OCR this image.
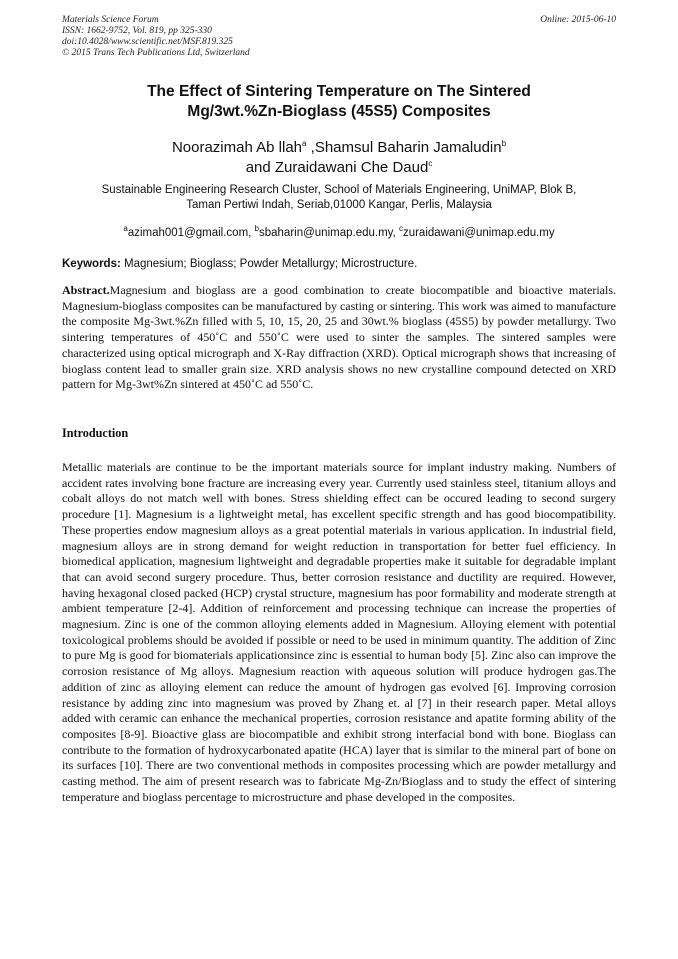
Materials Science Forum
ISSN: 1662-9752, Vol. 819, pp 325-330
doi:10.4028/www.scientific.net/MSF.819.325
© 2015 Trans Tech Publications Ltd, Switzerland
Online: 2015-06-10
The Effect of Sintering Temperature on The Sintered
Mg/3wt.%Zn-Bioglass (45S5) Composites
Noorazimah Ab llah$^a$ ,Shamsul Baharin Jamaludin$^b$
and Zuraidawani Che Daud$^c$
Sustainable Engineering Research Cluster, School of Materials Engineering, UniMAP, Blok B,
Taman Pertiwi Indah, Seriab,01000 Kangar, Perlis, Malaysia
$^a$azimah001@gmail.com, $^b$sbaharin@unimap.edu.my, $^c$zuraidawani@unimap.edu.my
Keywords: Magnesium; Bioglass; Powder Metallurgy; Microstructure.

Abstract.Magnesium and bioglass are a good combination to create biocompatible and bioactive materials. Magnesium-bioglass composites can be manufactured by casting or sintering. This work was aimed to manufacture the composite Mg-3wt.%Zn filled with 5, 10, 15, 20, 25 and 30wt.% bioglass (45S5) by powder metallurgy. Two sintering temperatures of 450˚C and 550˚C were used to sinter the samples. The sintered samples were characterized using optical micrograph and X-Ray diffraction (XRD). Optical micrograph shows that increasing of bioglass content lead to smaller grain size. XRD analysis shows no new crystalline compound detected on XRD pattern for Mg-3wt%Zn sintered at 450˚C ad 550˚C.

Introduction

Metallic materials are continue to be the important materials source for implant industry making. Numbers of accident rates involving bone fracture are increasing every year. Currently used stainless steel, titanium alloys and cobalt alloys do not match well with bones. Stress shielding effect can be occured leading to second surgery procedure [1]. Magnesium is a lightweight metal, has excellent specific strength and has good biocompatibility. These properties endow magnesium alloys as a great potential materials in various application. In industrial field, magnesium alloys are in strong demand for weight reduction in transportation for better fuel efficiency. In biomedical application, magnesium lightweight and degradable properties make it suitable for degradable implant that can avoid second surgery procedure. Thus, better corrosion resistance and ductility are required. However, having hexagonal closed packed (HCP) crystal structure, magnesium has poor formability and moderate strength at ambient temperature [2-4]. Addition of reinforcement and processing technique can increase the properties of magnesium. Zinc is one of the common alloying elements added in Magnesium. Alloying element with potential toxicological problems should be avoided if possible or need to be used in minimum quantity. The addition of Zinc to pure Mg is good for biomaterials applicationsince zinc is essential to human body [5]. Zinc also can improve the corrosion resistance of Mg alloys. Magnesium reaction with aqueous solution will produce hydrogen gas.The addition of zinc as alloying element can reduce the amount of hydrogen gas evolved [6]. Improving corrosion resistance by adding zinc into magnesium was proved by Zhang et. al [7] in their research paper. Metal alloys added with ceramic can enhance the mechanical properties, corrosion resistance and apatite forming ability of the composites [8-9]. Bioactive glass are biocompatible and exhibit strong interfacial bond with bone. Bioglass can contribute to the formation of hydroxycarbonated apatite (HCA) layer that is similar to the mineral part of bone on its surfaces [10]. There are two conventional methods in composites processing which are powder metallurgy and casting method. The aim of present research was to fabricate Mg-Zn/Bioglass and to study the effect of sintering temperature and bioglass percentage to microstructure and phase developed in the composites.
